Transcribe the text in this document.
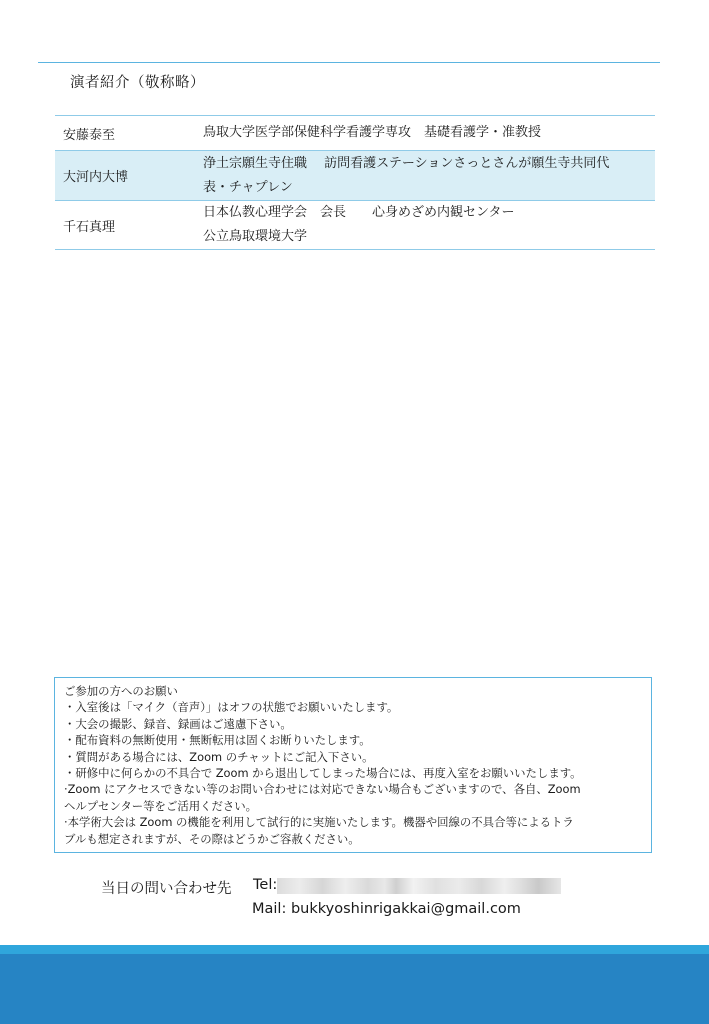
演者紹介（敬称略）
安藤泰至	鳥取大学医学部保健科学看護学専攻　基礎看護学・准教授
大河内大博
浄土宗願生寺住職　 訪問看護ステーションさっとさんが願生寺共同代
表・チャプレン
千石真理
日本仏教心理学会　会長　　心身めざめ内観センター
公立鳥取環境大学
ご参加の方へのお願い
・入室後は「マイク（音声）」はオフの状態でお願いいたします。
・大会の撮影、録音、録画はご遠慮下さい。
・配布資料の無断使用・無断転用は固くお断りいたします。
・質問がある場合には、Zoom のチャットにご記入下さい。
・研修中に何らかの不具合で Zoom から退出してしまった場合には、再度入室をお願いいたします。
·Zoom にアクセスできない等のお問い合わせには対応できない場合もございますので、各自、Zoom
ヘルプセンター等をご活用ください。
·本学術大会は Zoom の機能を利用して試行的に実施いたします。機器や回線の不具合等によるトラ
ブルも想定されますが、その際はどうかご容赦ください。
当日の問い合わせ先 Tel:
Mail: bukkyoshinrigakkai@gmail.com
